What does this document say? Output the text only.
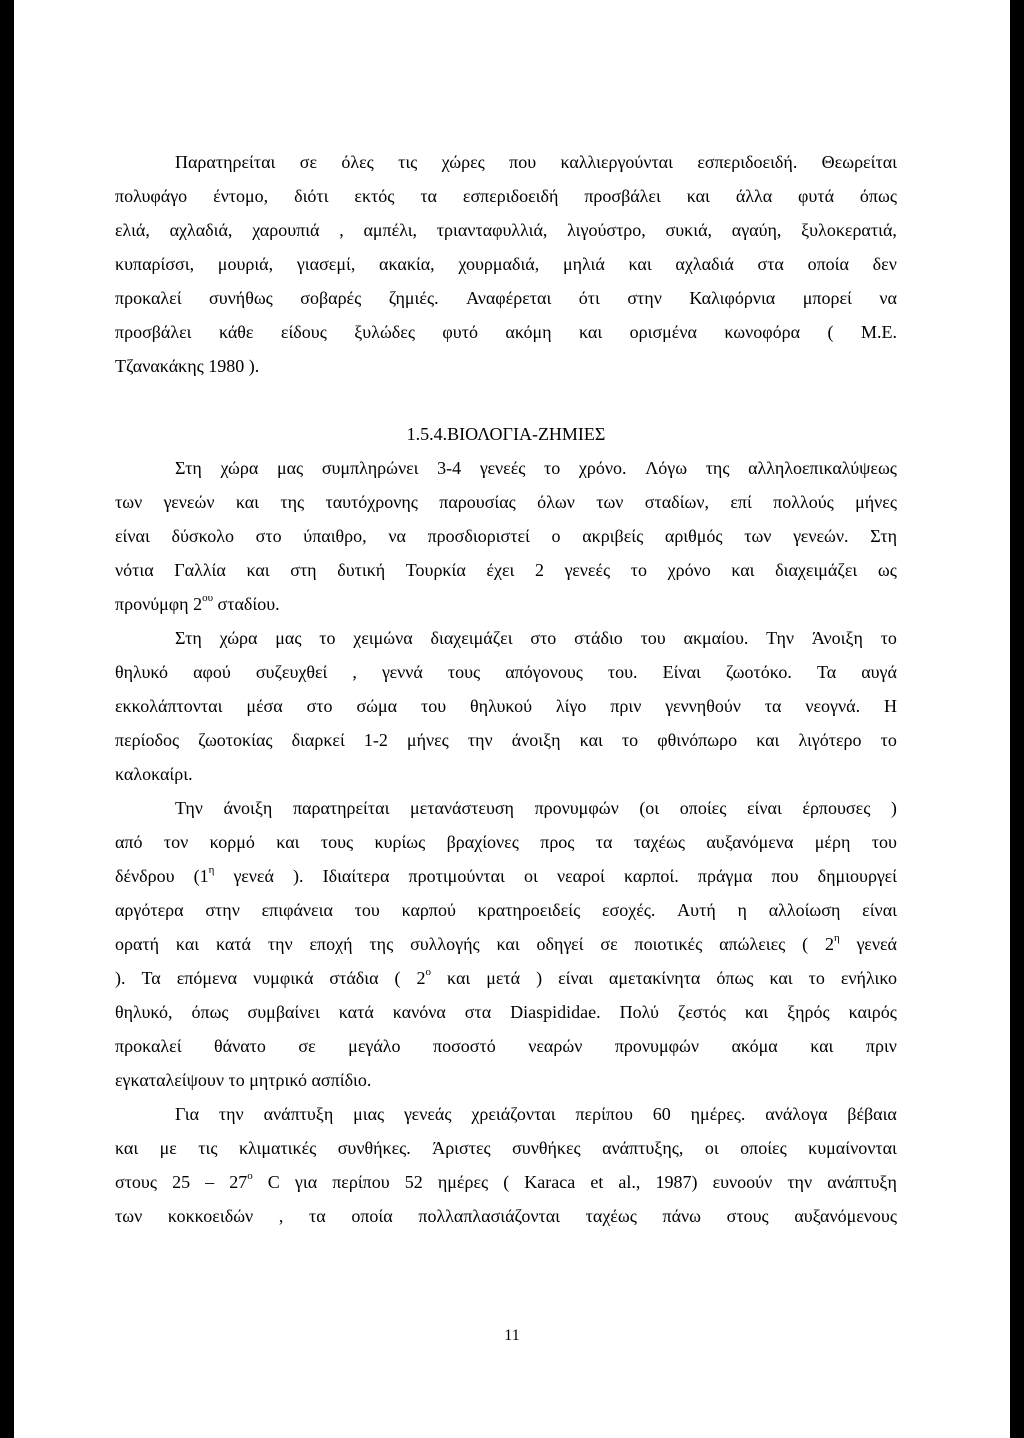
Παρατηρείται σε όλες τις χώρες που καλλιεργούνται εσπεριδοειδή. Θεωρείται
πολυφάγο έντομο, διότι εκτός τα εσπεριδοειδή προσβάλει και άλλα φυτά όπως
ελιά, αχλαδιά, χαρουπιά , αμπέλι, τριανταφυλλιά, λιγούστρο, συκιά, αγαύη, ξυλοκερατιά,
κυπαρίσσι, μουριά, γιασεμί, ακακία, χουρμαδιά, μηλιά και αχλαδιά στα οποία δεν
προκαλεί συνήθως σοβαρές ζημιές. Αναφέρεται ότι στην Καλιφόρνια μπορεί να
προσβάλει κάθε είδους ξυλώδες φυτό ακόμη και ορισμένα κωνοφόρα ( Μ.Ε.
Τζανακάκης 1980 ).
1.5.4.ΒΙΟΛΟΓΙΑ-ΖΗΜΙΕΣ
Στη χώρα μας συμπληρώνει 3-4 γενεές το χρόνο. Λόγω της αλληλοεπικαλύψεως
των γενεών και της ταυτόχρονης παρουσίας όλων των σταδίων, επί πολλούς μήνες
είναι δύσκολο στο ύπαιθρο, να προσδιοριστεί ο ακριβείς αριθμός των γενεών. Στη
νότια Γαλλία και στη δυτική Τουρκία έχει 2 γενεές το χρόνο και διαχειμάζει ως
προνύμφη $2^{o\upsilon}$ σταδίου.
Στη χώρα μας το χειμώνα διαχειμάζει στο στάδιο του ακμαίου. Την Άνοιξη το
θηλυκό αφού συζευχθεί , γεννά τους απόγονους του. Είναι ζωοτόκο. Τα αυγά
εκκολάπτονται μέσα στο σώμα του θηλυκού λίγο πριν γεννηθούν τα νεογνά. Η
περίοδος ζωοτοκίας διαρκεί 1-2 μήνες την άνοιξη και το φθινόπωρο και λιγότερο το
καλοκαίρι.
Την άνοιξη παρατηρείται μετανάστευση προνυμφών (οι οποίες είναι έρπουσες )
από τον κορμό και τους κυρίως βραχίονες προς τα ταχέως αυξανόμενα μέρη του
δένδρου ($1^\eta$ γενεά ). Ιδιαίτερα προτιμούνται οι νεαροί καρποί. πράγμα που δημιουργεί
αργότερα στην επιφάνεια του καρπού κρατηροειδείς εσοχές. Αυτή η αλλοίωση είναι
ορατή και κατά την εποχή της συλλογής και οδηγεί σε ποιοτικές απώλειες ( $2^\eta$ γενεά
). Τα επόμενα νυμφικά στάδια ( $2^o$ και μετά ) είναι αμετακίνητα όπως και το ενήλικο
θηλυκό, όπως συμβαίνει κατά κανόνα στα Diaspididae. Πολύ ζεστός και ξηρός καιρός
προκαλεί θάνατο σε μεγάλο ποσοστό νεαρών προνυμφών ακόμα και πριν
εγκαταλείψουν το μητρικό ασπίδιο.
Για την ανάπτυξη μιας γενεάς χρειάζονται περίπου 60 ημέρες. ανάλογα βέβαια
και με τις κλιματικές συνθήκες. Άριστες συνθήκες ανάπτυξης, οι οποίες κυμαίνονται
στους $25 - 27^o$ C για περίπου 52 ημέρες ( Karaca et al., 1987) ευνοούν την ανάπτυξη
των κοκκοειδών , τα οποία πολλαπλασιάζονται ταχέως πάνω στους αυξανόμενους
11
